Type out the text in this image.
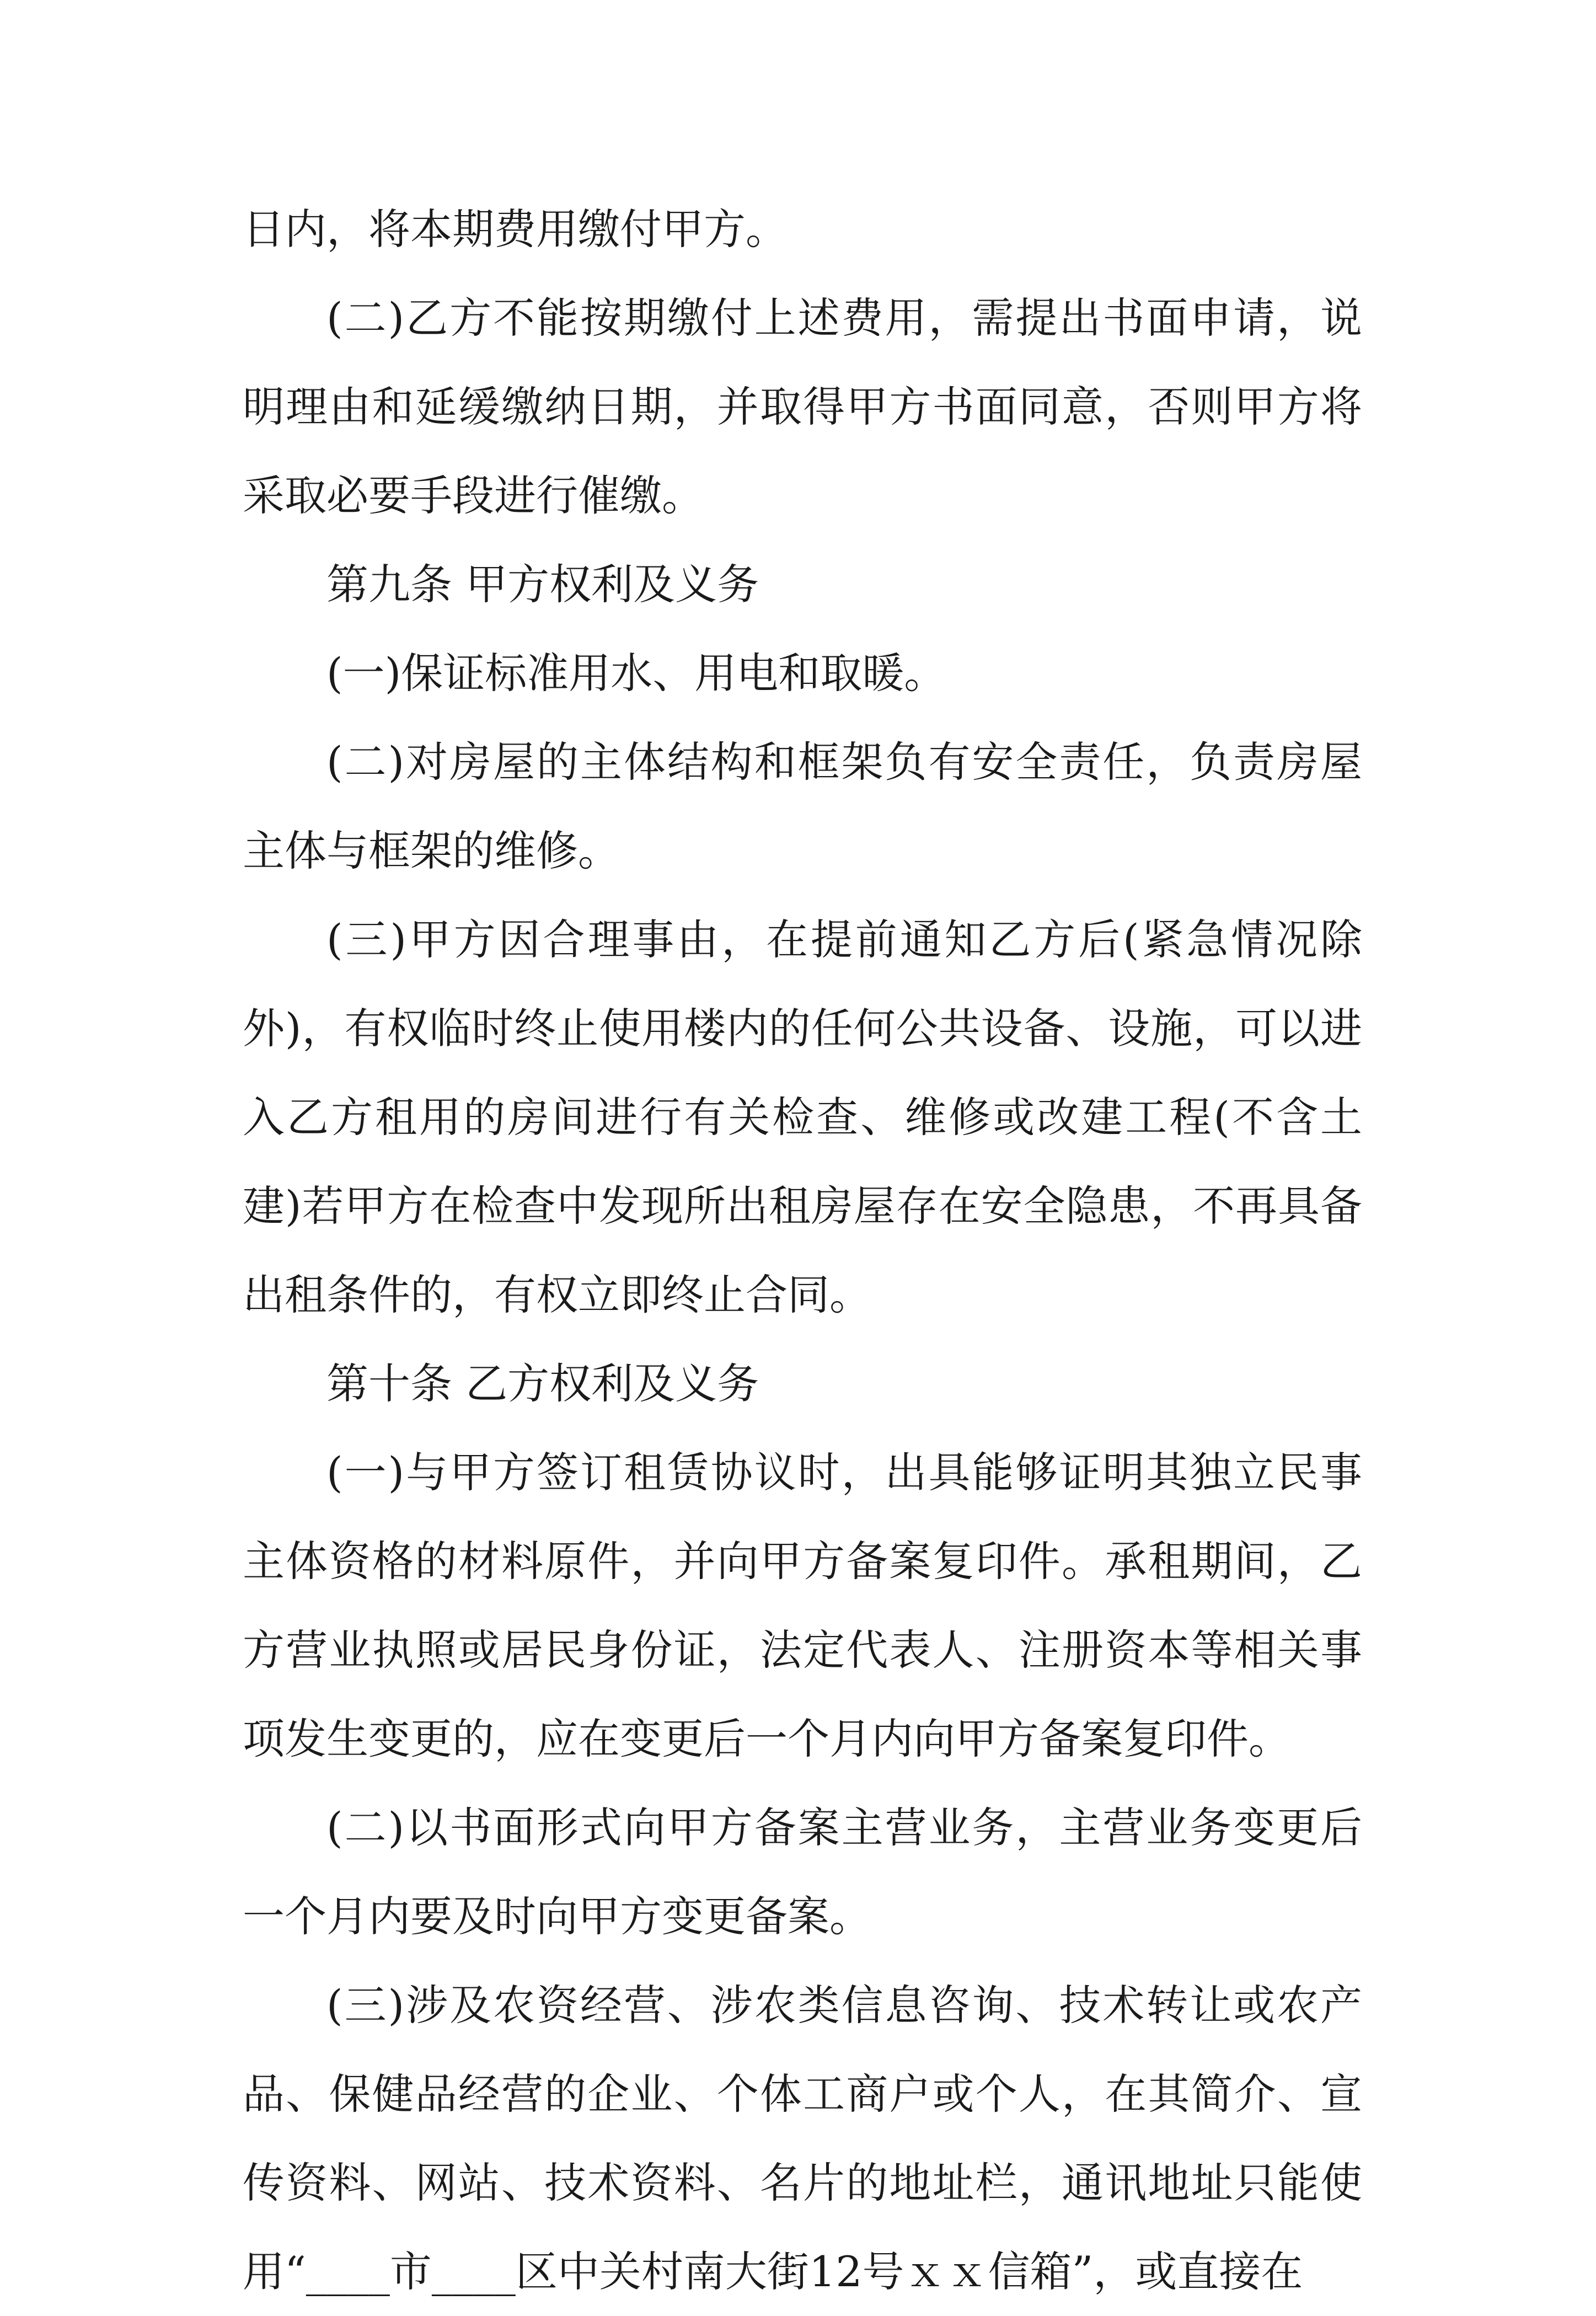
日内，将本期费用缴付甲方。

(二)乙方不能按期缴付上述费用，需提出书面申请，说明理由和延缓缴纳日期，并取得甲方书面同意，否则甲方将采取必要手段进行催缴。

第九条 甲方权利及义务

(一)保证标准用水、用电和取暖。

(二)对房屋的主体结构和框架负有安全责任，负责房屋主体与框架的维修。

(三)甲方因合理事由，在提前通知乙方后(紧急情况除外)，有权临时终止使用楼内的任何公共设备、设施，可以进入乙方租用的房间进行有关检查、维修或改建工程(不含土建)若甲方在检查中发现所出租房屋存在安全隐患，不再具备出租条件的，有权立即终止合同。

第十条 乙方权利及义务

(一)与甲方签订租赁协议时，出具能够证明其独立民事主体资格的材料原件，并向甲方备案复印件。承租期间，乙方营业执照或居民身份证，法定代表人、注册资本等相关事项发生变更的，应在变更后一个月内向甲方备案复印件。

(二)以书面形式向甲方备案主营业务，主营业务变更后一个月内要及时向甲方变更备案。

(三)涉及农资经营、涉农类信息咨询、技术转让或农产品、保健品经营的企业、个体工商户或个人，在其简介、宣传资料、网站、技术资料、名片的地址栏，通讯地址只能使用“____市____区中关村南大街12号ｘｘ信箱”，或直接在
